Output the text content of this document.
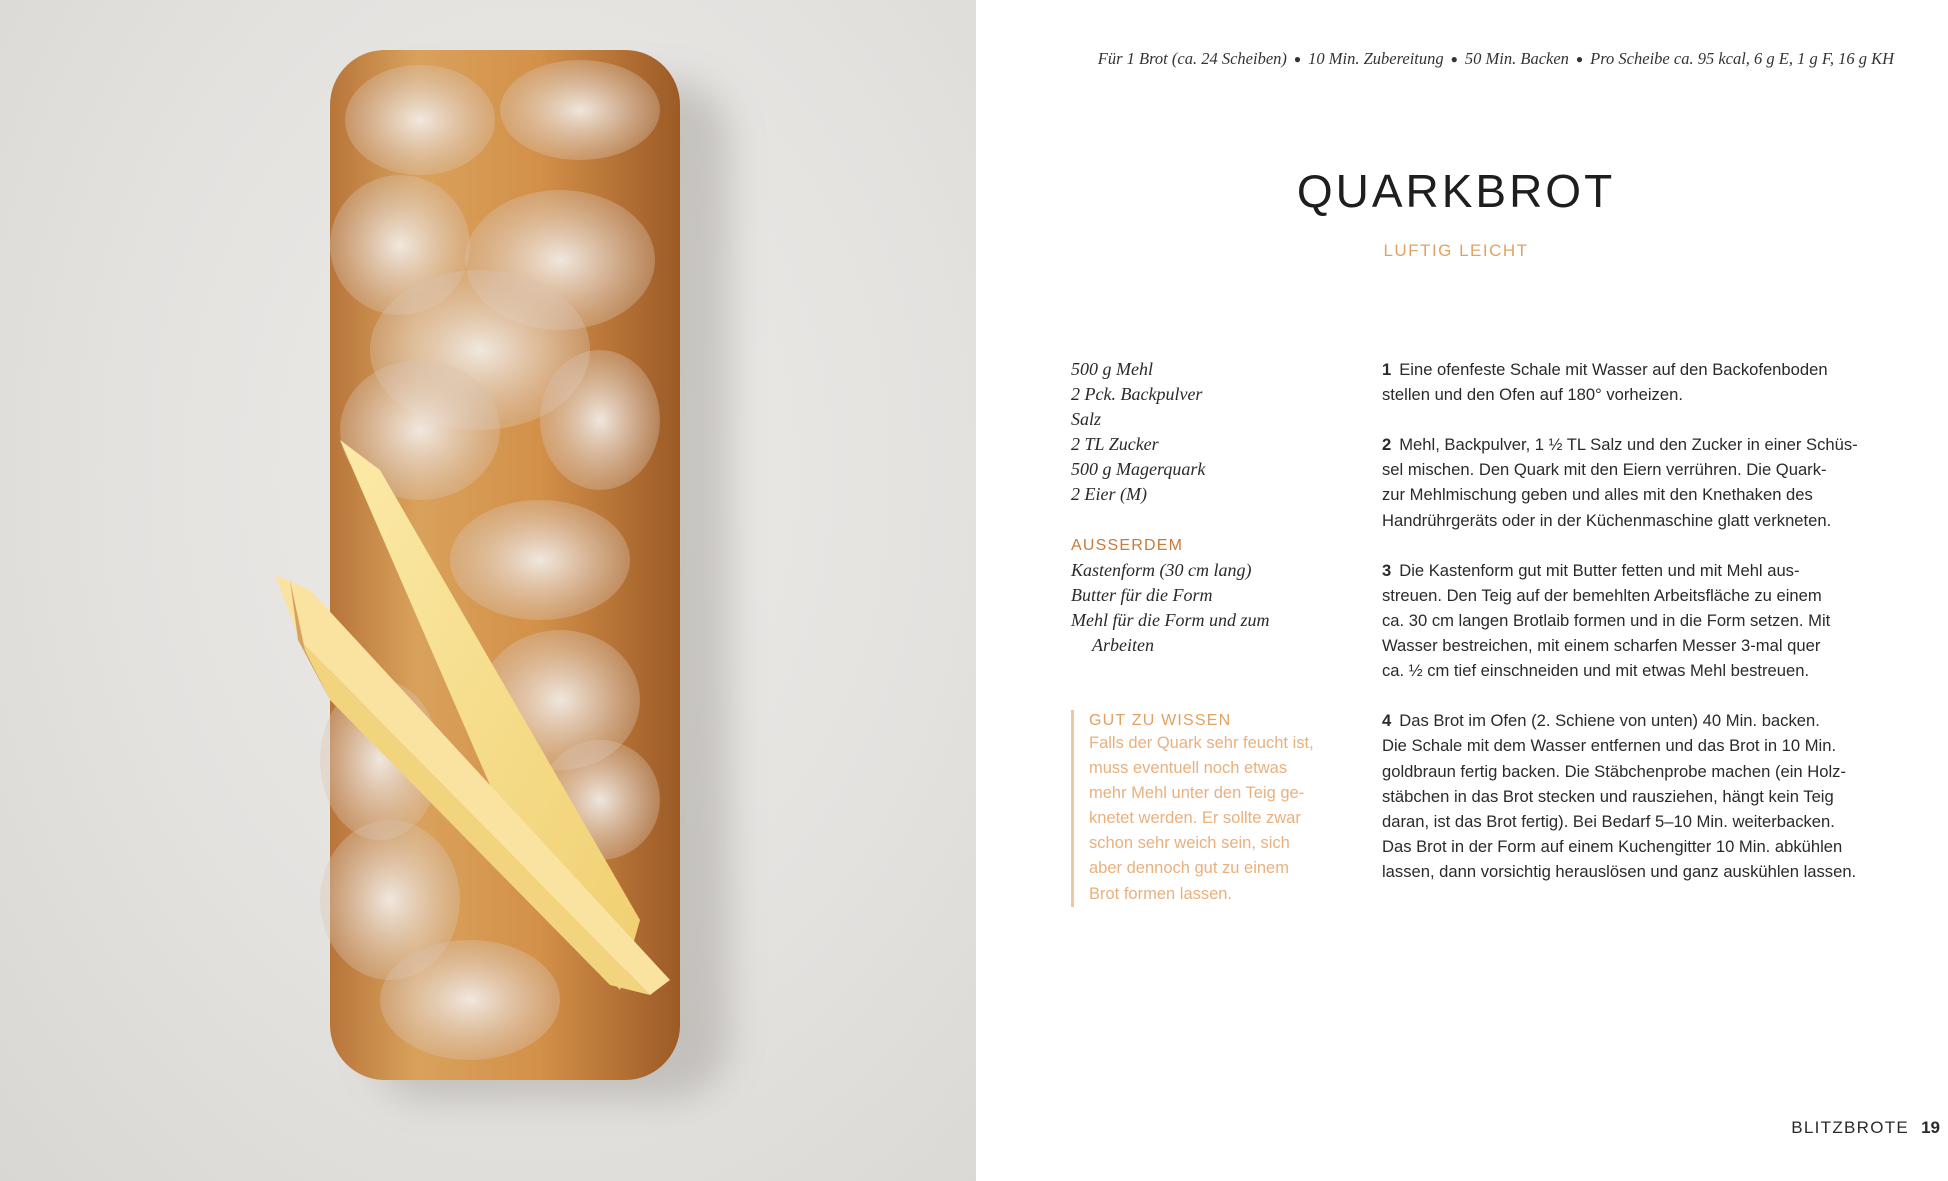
Für 1 Brot (ca. 24 Scheiben) ● 10 Min. Zubereitung ● 50 Min. Backen ● Pro Scheibe ca. 95 kcal, 6 g E, 1 g F, 16 g KH
QUARKBROT
LUFTIG LEICHT
500 g Mehl
2 Pck. Backpulver
Salz
2 TL Zucker
500 g Magerquark
2 Eier (M)
AUSSERDEM
Kastenform (30 cm lang)
Butter für die Form
Mehl für die Form und zum
Arbeiten
GUT ZU WISSEN
Falls der Quark sehr feucht ist,
muss eventuell noch etwas
mehr Mehl unter den Teig ge-
knetet werden. Er sollte zwar
schon sehr weich sein, sich
aber dennoch gut zu einem
Brot formen lassen.
1 Eine ofenfeste Schale mit Wasser auf den Backofenboden
stellen und den Ofen auf 180° vorheizen.
2 Mehl, Backpulver, 1 ½ TL Salz und den Zucker in einer Schüs-
sel mischen. Den Quark mit den Eiern verrühren. Die Quark-
zur Mehlmischung geben und alles mit den Knethaken des
Handrührgeräts oder in der Küchenmaschine glatt verkneten.
3 Die Kastenform gut mit Butter fetten und mit Mehl aus-
streuen. Den Teig auf der bemehlten Arbeitsfläche zu einem
ca. 30 cm langen Brotlaib formen und in die Form setzen. Mit
Wasser bestreichen, mit einem scharfen Messer 3-mal quer
ca. ½ cm tief einschneiden und mit etwas Mehl bestreuen.
4 Das Brot im Ofen (2. Schiene von unten) 40 Min. backen.
Die Schale mit dem Wasser entfernen und das Brot in 10 Min.
goldbraun fertig backen. Die Stäbchenprobe machen (ein Holz-
stäbchen in das Brot stecken und rausziehen, hängt kein Teig
daran, ist das Brot fertig). Bei Bedarf 5–10 Min. weiterbacken.
Das Brot in der Form auf einem Kuchengitter 10 Min. abkühlen
lassen, dann vorsichtig herauslösen und ganz auskühlen lassen.
BLITZBROTE 19
